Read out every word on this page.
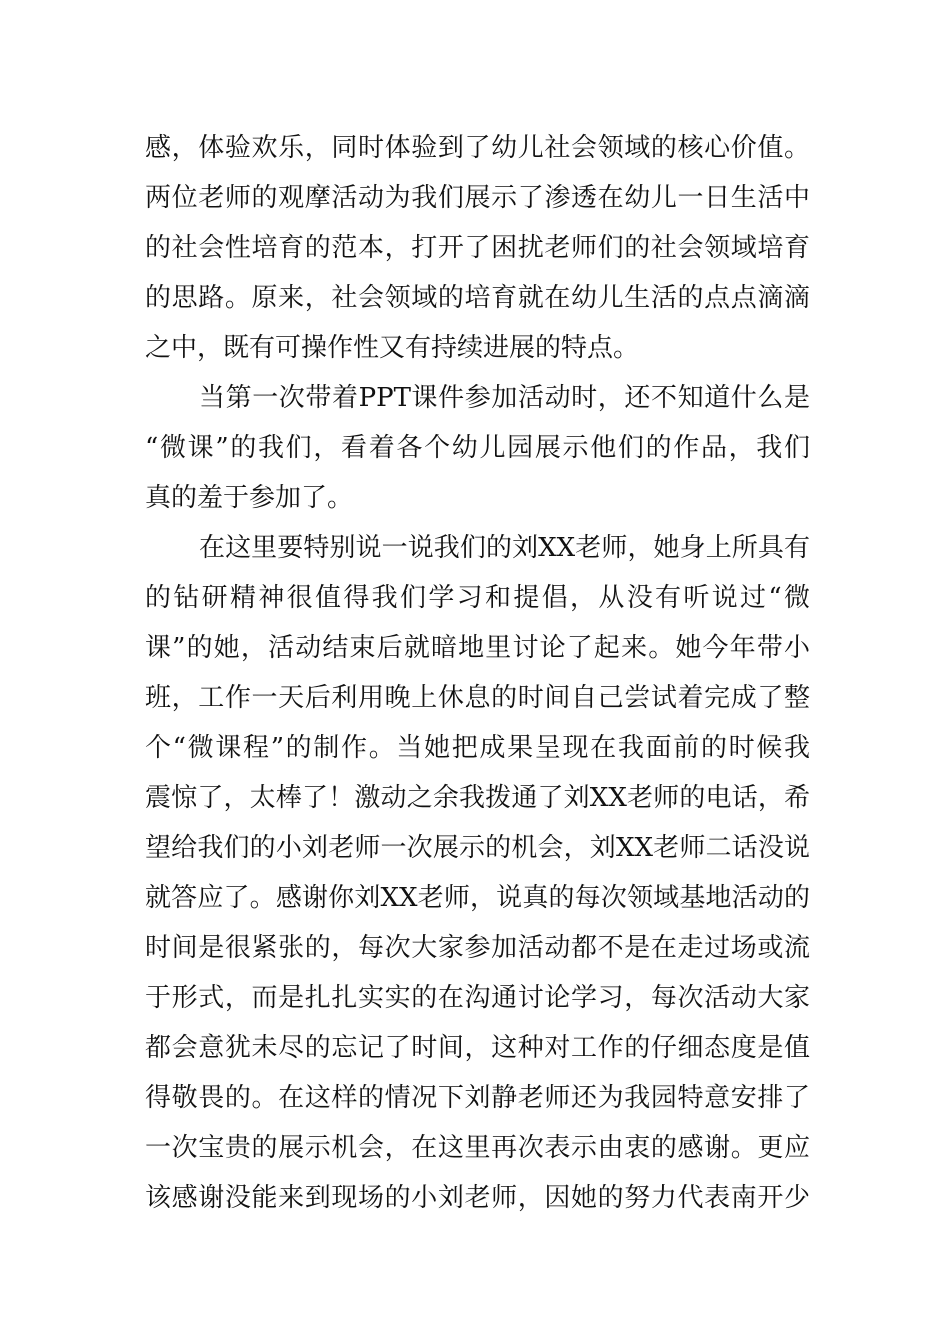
感，体验欢乐，同时体验到了幼儿社会领域的核心价值。
两位老师的观摩活动为我们展示了渗透在幼儿一日生活中
的社会性培育的范本，打开了困扰老师们的社会领域培育
的思路。原来，社会领域的培育就在幼儿生活的点点滴滴
之中，既有可操作性又有持续进展的特点。
当第一次带着PPT课件参加活动时，还不知道什么是
“微课”的我们，看着各个幼儿园展示他们的作品，我们
真的羞于参加了。
在这里要特别说一说我们的刘XX老师，她身上所具有
的钻研精神很值得我们学习和提倡，从没有听说过“微
课”的她，活动结束后就暗地里讨论了起来。她今年带小
班，工作一天后利用晚上休息的时间自己尝试着完成了整
个“微课程”的制作。当她把成果呈现在我面前的时候我
震惊了，太棒了！激动之余我拨通了刘XX老师的电话，希
望给我们的小刘老师一次展示的机会，刘XX老师二话没说
就答应了。感谢你刘XX老师，说真的每次领域基地活动的
时间是很紧张的，每次大家参加活动都不是在走过场或流
于形式，而是扎扎实实的在沟通讨论学习，每次活动大家
都会意犹未尽的忘记了时间，这种对工作的仔细态度是值
得敬畏的。在这样的情况下刘静老师还为我园特意安排了
一次宝贵的展示机会，在这里再次表示由衷的感谢。更应
该感谢没能来到现场的小刘老师，因她的努力代表南开少
